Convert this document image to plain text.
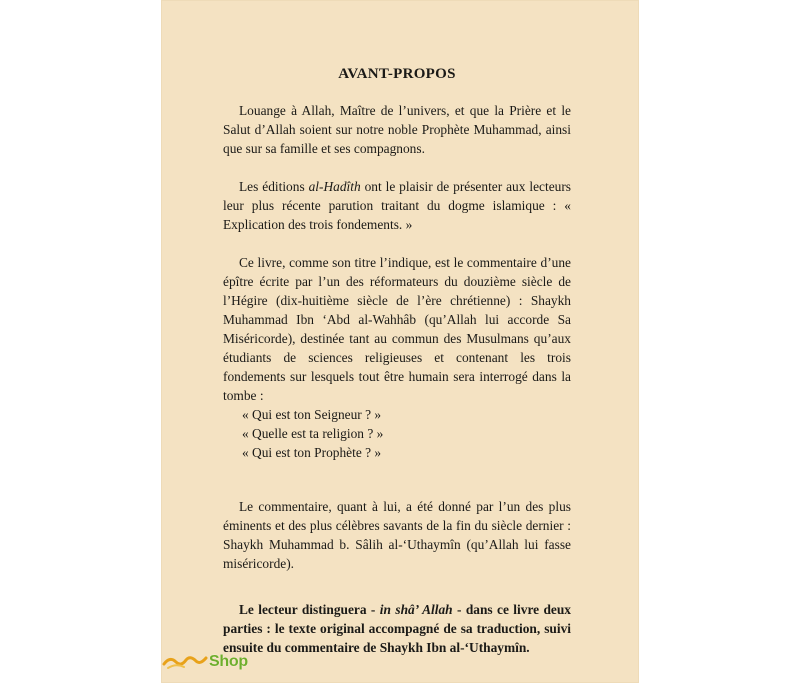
AVANT-PROPOS

Louange à Allah, Maître de l’univers, et que la Prière et le Salut d’Allah soient sur notre noble Prophète Muhammad, ainsi que sur sa famille et ses compagnons.

Les éditions al-Hadîth ont le plaisir de présenter aux lecteurs leur plus récente parution traitant du dogme islamique : « Explication des trois fondements. »

Ce livre, comme son titre l’indique, est le commentaire d’une épître écrite par l’un des réformateurs du douzième siècle de l’Hégire (dix-huitième siècle de l’ère chrétienne) : Shaykh Muhammad Ibn ‘Abd al-Wahhâb (qu’Allah lui accorde Sa Miséricorde), destinée tant au commun des Musulmans qu’aux étudiants de sciences religieuses et contenant les trois fondements sur lesquels tout être humain sera interrogé dans la tombe :

« Qui est ton Seigneur ? »
« Quelle est ta religion ? »
« Qui est ton Prophète ? »

Le commentaire, quant à lui, a été donné par l’un des plus éminents et des plus célèbres savants de la fin du siècle dernier : Shaykh Muhammad b. Sâlih al-‘Uthaymîn (qu’Allah lui fasse miséricorde).

Le lecteur distinguera - in shâ’ Allah - dans ce livre deux parties : le texte original accompagné de sa traduction, suivi ensuite du commentaire de Shaykh Ibn al-‘Uthaymîn.

Shop
